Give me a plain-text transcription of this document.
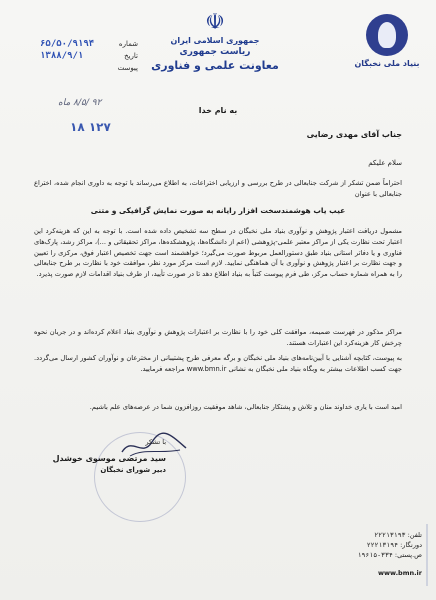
بنیاد ملی نخبگان
☫
جمهوری اسلامی ایران
ریاست جمهوری
معاونت علمی و فناوری
شماره
۶۵/۵۰/۹۱۹۴
تاریخ
۱۳۸۸/۹/۱
پیوست
۹۲ /۸/۵ ماه
به نام خدا
۱۲۷ ۱۸
جناب آقای مهدی رضایی
سلام علیکم
احتراماً ضمن تشکر از شرکت جنابعالی در طرح بررسی و ارزیابی اختراعات، به اطلاع می‌رساند با توجه به داوری انجام شده، اختراع جنابعالی با عنوان
عیب یاب هوشمندسخت افزار رایانه به صورت نمایش گرافیکی و متنی
مشمول دریافت اعتبار پژوهش و نوآوری بنیاد ملی نخبگان در سطح سه تشخیص داده شده است. با توجه به این که هزینه‌کرد این اعتبار تحت نظارت یکی از مراکز معتبر علمی-پژوهشی (اعم از دانشگاه‌ها، پژوهشکده‌ها، مراکز تحقیقاتی و ...)، مراکز رشد، پارک‌های فناوری و یا دفاتر استانی بنیاد طبق دستورالعمل مربوط صورت می‌گیرد؛ خواهشمند است جهت تخصیص اعتبار فوق، مرکزی را تعیین و جهت نظارت بر اعتبار پژوهش و نوآوری با آن هماهنگی نمایید. لازم است مرکز مورد نظر، موافقت خود با نظارت بر طرح جنابعالی را به همراه شماره حساب مرکز، طی فرم پیوست کتباً به بنیاد اطلاع دهد تا در صورت تأیید، از طرف بنیاد اقدامات لازم صورت پذیرد.
مراکز مذکور در فهرست ضمیمه، موافقت کلی خود را با نظارت بر اعتبارات پژوهش و نوآوری بنیاد اعلام کرده‌اند و در جریان نحوه چرخش کار هزینه‌کرد این اعتبارات هستند.
به پیوست، کتابچه آشنایی با آیین‌نامه‌های بنیاد ملی نخبگان و برگه معرفی طرح پشتیبانی از مخترعان و نوآوران کشور ارسال می‌گردد. جهت کسب اطلاعات بیشتر به وبگاه بنیاد ملی نخبگان به نشانی www.bmn.ir مراجعه فرمایید.
امید است با یاری خداوند منان و تلاش و پشتکار جنابعالی، شاهد موفقیت روزافزون شما در عرصه‌های علم باشیم.
با تشکر
سید مرتضی موسوی خوشدل
دبیر شورای نخبگان
تلفن: ۲۲۲۱۳۱۹۳
دورنگار: ۲۲۲۱۳۱۹۴
ص.پستی: ۱۹۶۱۵-۳۳۴
www.bmn.ir
